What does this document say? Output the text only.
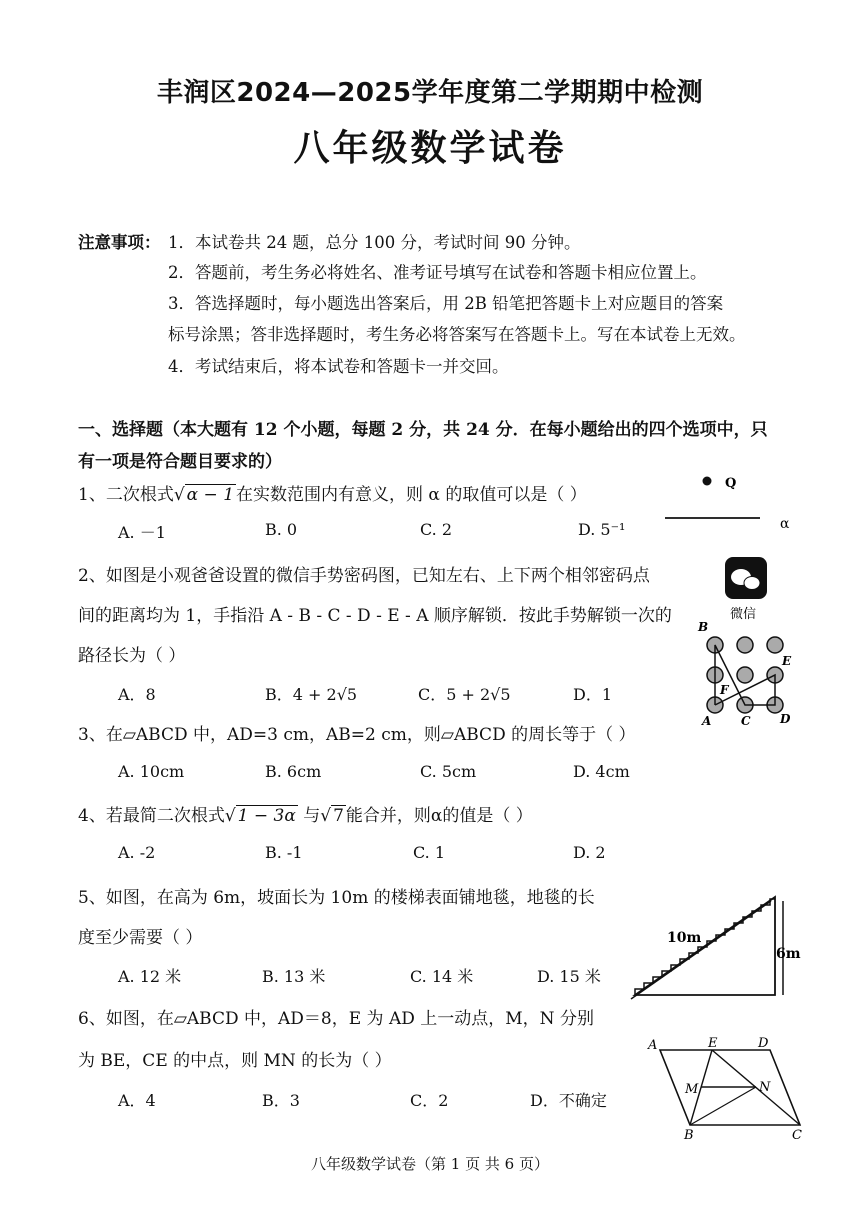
丰润区2024—2025学年度第二学期期中检测
八年级数学试卷
注意事项： 1．本试卷共 24 题，总分 100 分，考试时间 90 分钟。
2．答题前，考生务必将姓名、准考证号填写在试卷和答题卡相应位置上。
3．答选择题时，每小题选出答案后，用 2B 铅笔把答题卡上对应题目的答案
标号涂黑；答非选择题时，考生务必将答案写在答题卡上。写在本试卷上无效。
4．考试结束后，将本试卷和答题卡一并交回。
一、选择题（本大题有 12 个小题，每题 2 分，共 24 分．在每小题给出的四个选项中，只
有一项是符合题目要求的）
1、二次根式√ α − 1 在实数范围内有意义，则 α 的取值可以是（ ）
A. －1	B. 0	C. 2	D. 5⁻¹
Q
α
2、如图是小观爸爸设置的微信手势密码图，已知左右、上下两个相邻密码点
间的距离均为 1，手指沿 A - B - C - D - E - A 顺序解锁．按此手势解锁一次的
路径长为（ ）
A．8	B．4 + 2√5	C．5 + 2√5	D．1
微信
B
E
F
A C D
3、在▱ABCD 中，AD=3 cm，AB=2 cm，则▱ABCD 的周长等于（ ）
A. 10cm	B. 6cm	C. 5cm	D. 4cm
4、若最简二次根式√ 1 − 3α 与√ 7 能合并，则α的值是（ ）
A. -2	B. -1	C. 1	D. 2
5、如图，在高为 6m，坡面长为 10m 的楼梯表面铺地毯，地毯的长
度至少需要（ ）
A. 12 米	B. 13 米	C. 14 米	D. 15 米
10m
6m
6、如图，在▱ABCD 中，AD＝8，E 为 AD 上一动点，M，N 分别
为 BE，CE 的中点，则 MN 的长为（ ）
A．4	B．3	C．2	D．不确定
A	E	D
M	N
B	C
八年级数学试卷（第 1 页 共 6 页）
